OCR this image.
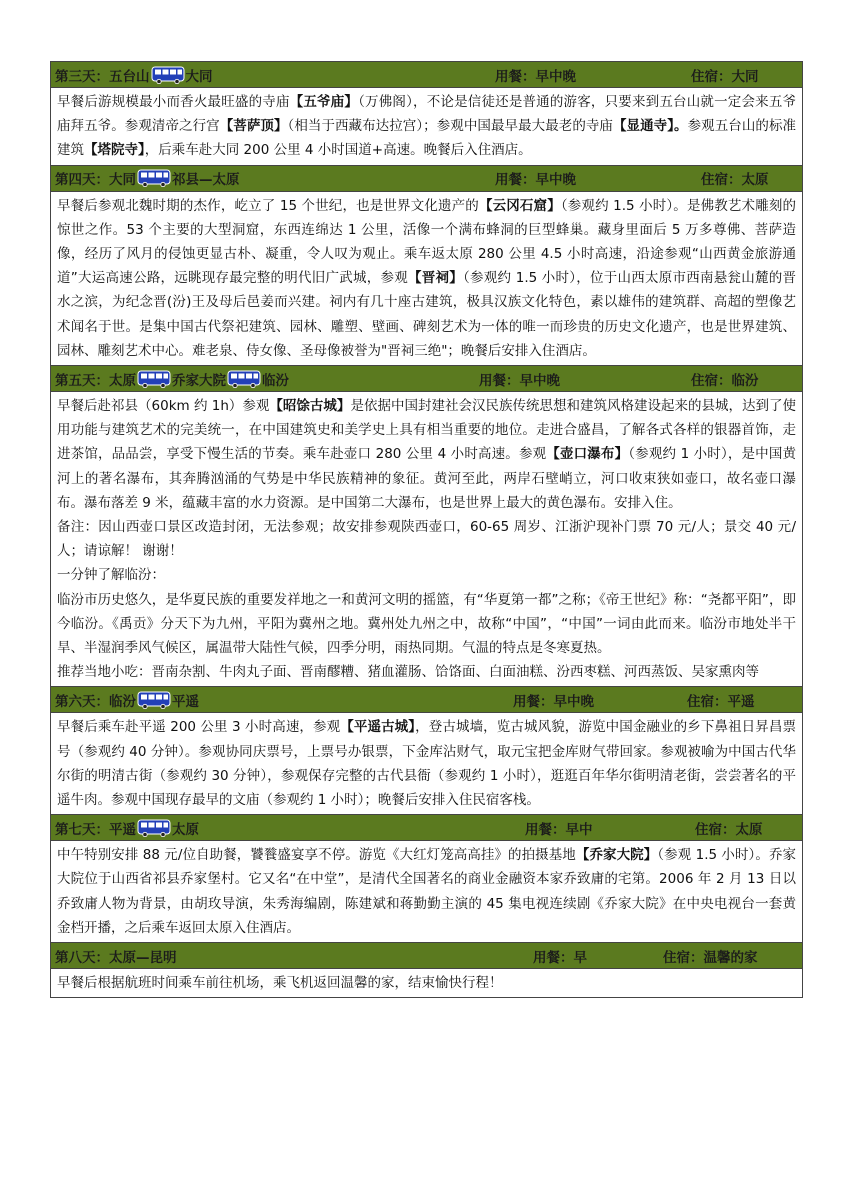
第三天：五台山	大同	用餐：早中晚	住宿：大同

早餐后游规模最小而香火最旺盛的寺庙【五爷庙】（万佛阁），不论是信徒还是普通的游客，只要来到五台山就一定会来五爷庙拜五爷。参观清帝之行宫【菩萨顶】（相当于西藏布达拉宫）；参观中国最早最大最老的寺庙【显通寺】。参观五台山的标准建筑【塔院寺】，后乘车赴大同 200 公里 4 小时国道+高速。晚餐后入住酒店。

第四天：大同	祁县—太原	用餐：早中晚	住宿：太原

早餐后参观北魏时期的杰作，屹立了 15 个世纪，也是世界文化遗产的【云冈石窟】（参观约 1.5 小时）。是佛教艺术雕刻的惊世之作。53 个主要的大型洞窟，东西连绵达 1 公里，活像一个满布蜂洞的巨型蜂巢。藏身里面后 5 万多尊佛、菩萨造像，经历了风月的侵蚀更显古朴、凝重，令人叹为观止。乘车返太原 280 公里 4.5 小时高速，沿途参观“山西黄金旅游通道”大运高速公路，远眺现存最完整的明代旧广武城，参观【晋祠】（参观约 1.5 小时），位于山西太原市西南悬瓮山麓的晋水之滨，为纪念晋(汾)王及母后邑姜而兴建。祠内有几十座古建筑，极具汉族文化特色，素以雄伟的建筑群、高超的塑像艺术闻名于世。是集中国古代祭祀建筑、园林、雕塑、壁画、碑刻艺术为一体的唯一而珍贵的历史文化遗产，也是世界建筑、园林、雕刻艺术中心。难老泉、侍女像、圣母像被誉为"晋祠三绝"；晚餐后安排入住酒店。

第五天：太原	乔家大院	临汾	用餐：早中晚	住宿：临汾

早餐后赴祁县（60km 约 1h）参观【昭馀古城】是依据中国封建社会汉民族传统思想和建筑风格建设起来的县城，达到了使用功能与建筑艺术的完美统一，在中国建筑史和美学史上具有相当重要的地位。走进合盛昌，了解各式各样的银器首饰，走进茶馆，品品尝，享受下慢生活的节奏。乘车赴壶口 280 公里 4 小时高速。参观【壶口瀑布】（参观约 1 小时），是中国黄河上的著名瀑布，其奔腾汹涌的气势是中华民族精神的象征。黄河至此，两岸石壁峭立，河口收束狭如壶口，故名壶口瀑布。瀑布落差 9 米，蕴藏丰富的水力资源。是中国第二大瀑布，也是世界上最大的黄色瀑布。安排入住。

备注：因山西壶口景区改造封闭，无法参观；故安排参观陕西壶口，60-65 周岁、江浙沪现补门票 70 元/人；景交 40 元/人；请谅解！ 谢谢！

一分钟了解临汾：

临汾市历史悠久，是华夏民族的重要发祥地之一和黄河文明的摇篮，有“华夏第一都”之称；《帝王世纪》称：“尧都平阳”，即今临汾。《禹贡》分天下为九州，平阳为冀州之地。冀州处九州之中，故称“中国”，“中国”一词由此而来。临汾市地处半干旱、半湿润季风气候区，属温带大陆性气候，四季分明，雨热同期。气温的特点是冬寒夏热。

推荐当地小吃：晋南杂割、牛肉丸子面、晋南醪糟、猪血灌肠、饸饹面、白面油糕、汾西枣糕、河西蒸饭、吴家熏肉等

第六天：临汾	平遥	用餐：早中晚	住宿：平遥

早餐后乘车赴平遥 200 公里 3 小时高速，参观【平遥古城】，登古城墙，览古城风貌，游览中国金融业的乡下鼻祖日昇昌票号（参观约 40 分钟）。参观协同庆票号，上票号办银票，下金库沾财气，取元宝把金库财气带回家。参观被喻为中国古代华尔街的明清古街（参观约 30 分钟），参观保存完整的古代县衙（参观约 1 小时），逛逛百年华尔街明清老街，尝尝著名的平遥牛肉。参观中国现存最早的文庙（参观约 1 小时）；晚餐后安排入住民宿客栈。

第七天：平遥	太原	用餐：早中	住宿：太原

中午特别安排 88 元/位自助餐，饕餮盛宴享不停。游览《大红灯笼高高挂》的拍摄基地【乔家大院】（参观 1.5 小时）。乔家大院位于山西省祁县乔家堡村。它又名“在中堂”，是清代全国著名的商业金融资本家乔致庸的宅第。2006 年 2 月 13 日以乔致庸人物为背景，由胡玫导演，朱秀海编剧，陈建斌和蒋勤勤主演的 45 集电视连续剧《乔家大院》在中央电视台一套黄金档开播，之后乘车返回太原入住酒店。

第八天：太原—昆明	用餐：早	住宿：温馨的家

早餐后根据航班时间乘车前往机场，乘飞机返回温馨的家，结束愉快行程！
